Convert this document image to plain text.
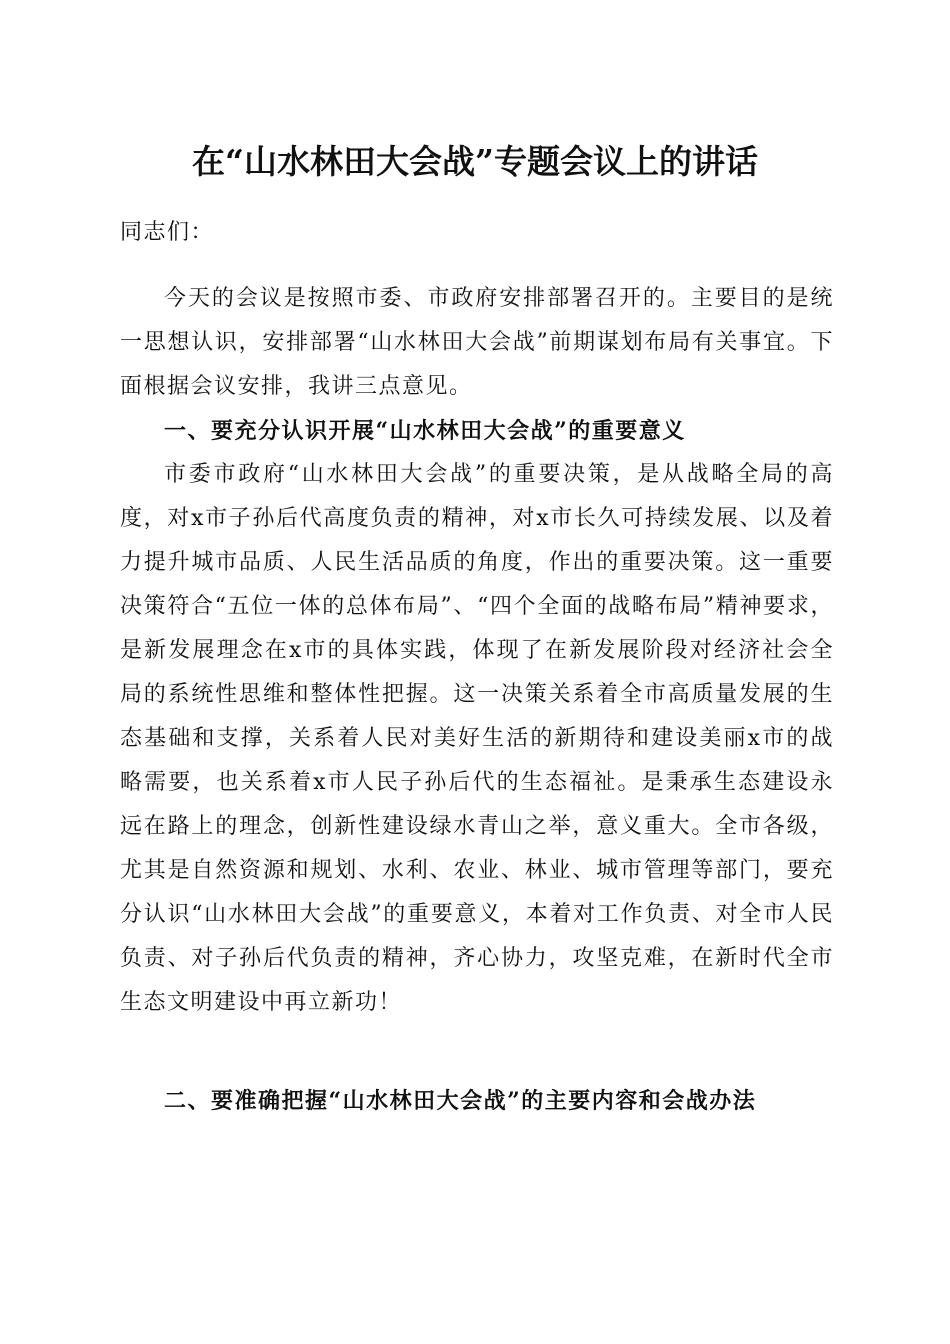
在“山水林田大会战”专题会议上的讲话
同志们：
今天的会议是按照市委、市政府安排部署召开的。主要目的是统一思想认识，安排部署“山水林田大会战”前期谋划布局有关事宜。下面根据会议安排，我讲三点意见。
一、要充分认识开展“山水林田大会战”的重要意义
市委市政府“山水林田大会战”的重要决策，是从战略全局的高度，对x市子孙后代高度负责的精神，对x市长久可持续发展、以及着力提升城市品质、人民生活品质的角度，作出的重要决策。这一重要决策符合“五位一体的总体布局”、“四个全面的战略布局”精神要求，是新发展理念在x市的具体实践，体现了在新发展阶段对经济社会全局的系统性思维和整体性把握。这一决策关系着全市高质量发展的生态基础和支撑，关系着人民对美好生活的新期待和建设美丽x市的战略需要，也关系着x市人民子孙后代的生态福祉。是秉承生态建设永远在路上的理念，创新性建设绿水青山之举，意义重大。全市各级，尤其是自然资源和规划、水利、农业、林业、城市管理等部门，要充分认识“山水林田大会战”的重要意义，本着对工作负责、对全市人民负责、对子孙后代负责的精神，齐心协力，攻坚克难，在新时代全市生态文明建设中再立新功！
二、要准确把握“山水林田大会战”的主要内容和会战办法
